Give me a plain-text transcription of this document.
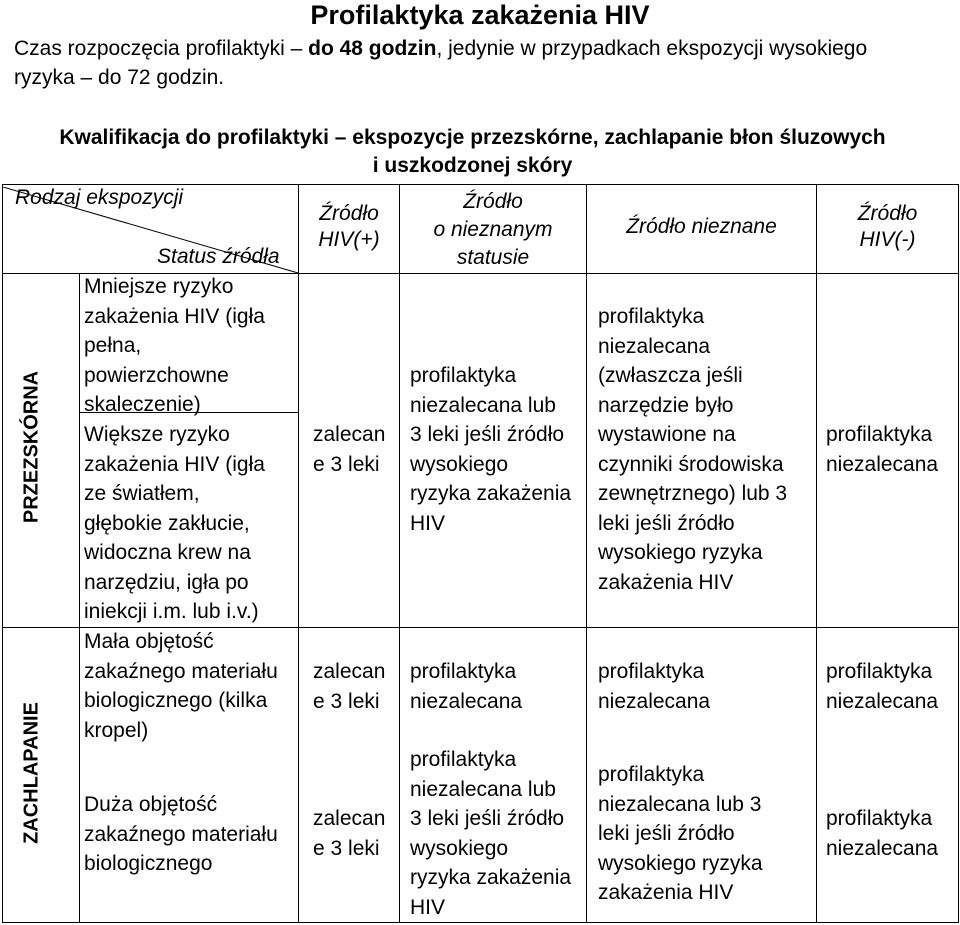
Profilaktyka zakażenia HIV
Czas rozpoczęcia profilaktyki – do 48 godzin, jedynie w przypadkach ekspozycji wysokiego
ryzyka – do 72 godzin.
Kwalifikacja do profilaktyki – ekspozycje przezskórne, zachlapanie błon śluzowych
i uszkodzonej skóry
Rodzaj ekspozycji
Status źródła
Źródło
HIV(+)
Źródło
o nieznanym
statusie
Źródło nieznane
Źródło
HIV(-)
PRZEZSKÓRNA
ZACHLAPANIE
Mniejsze ryzyko
zakażenia HIV (igła
pełna,
powierzchowne
skaleczenie)
Większe ryzyko
zakażenia HIV (igła
ze światłem,
głębokie zakłucie,
widoczna krew na
narzędziu, igła po
iniekcji i.m. lub i.v.)
Mała objętość
zakaźnego materiału
biologicznego (kilka
kropel)
Duża objętość
zakaźnego materiału
biologicznego
zalecan
e 3 leki
profilaktyka
niezalecana lub
3 leki jeśli źródło
wysokiego
ryzyka zakażenia
HIV
profilaktyka
niezalecana
(zwłaszcza jeśli
narzędzie było
wystawione na
czynniki środowiska
zewnętrznego) lub 3
leki jeśli źródło
wysokiego ryzyka
zakażenia HIV
profilaktyka
niezalecana
zalecan
e 3 leki
profilaktyka
niezalecana
profilaktyka
niezalecana
profilaktyka
niezalecana
zalecan
e 3 leki
profilaktyka
niezalecana lub
3 leki jeśli źródło
wysokiego
ryzyka zakażenia
HIV
profilaktyka
niezalecana lub 3
leki jeśli źródło
wysokiego ryzyka
zakażenia HIV
profilaktyka
niezalecana
